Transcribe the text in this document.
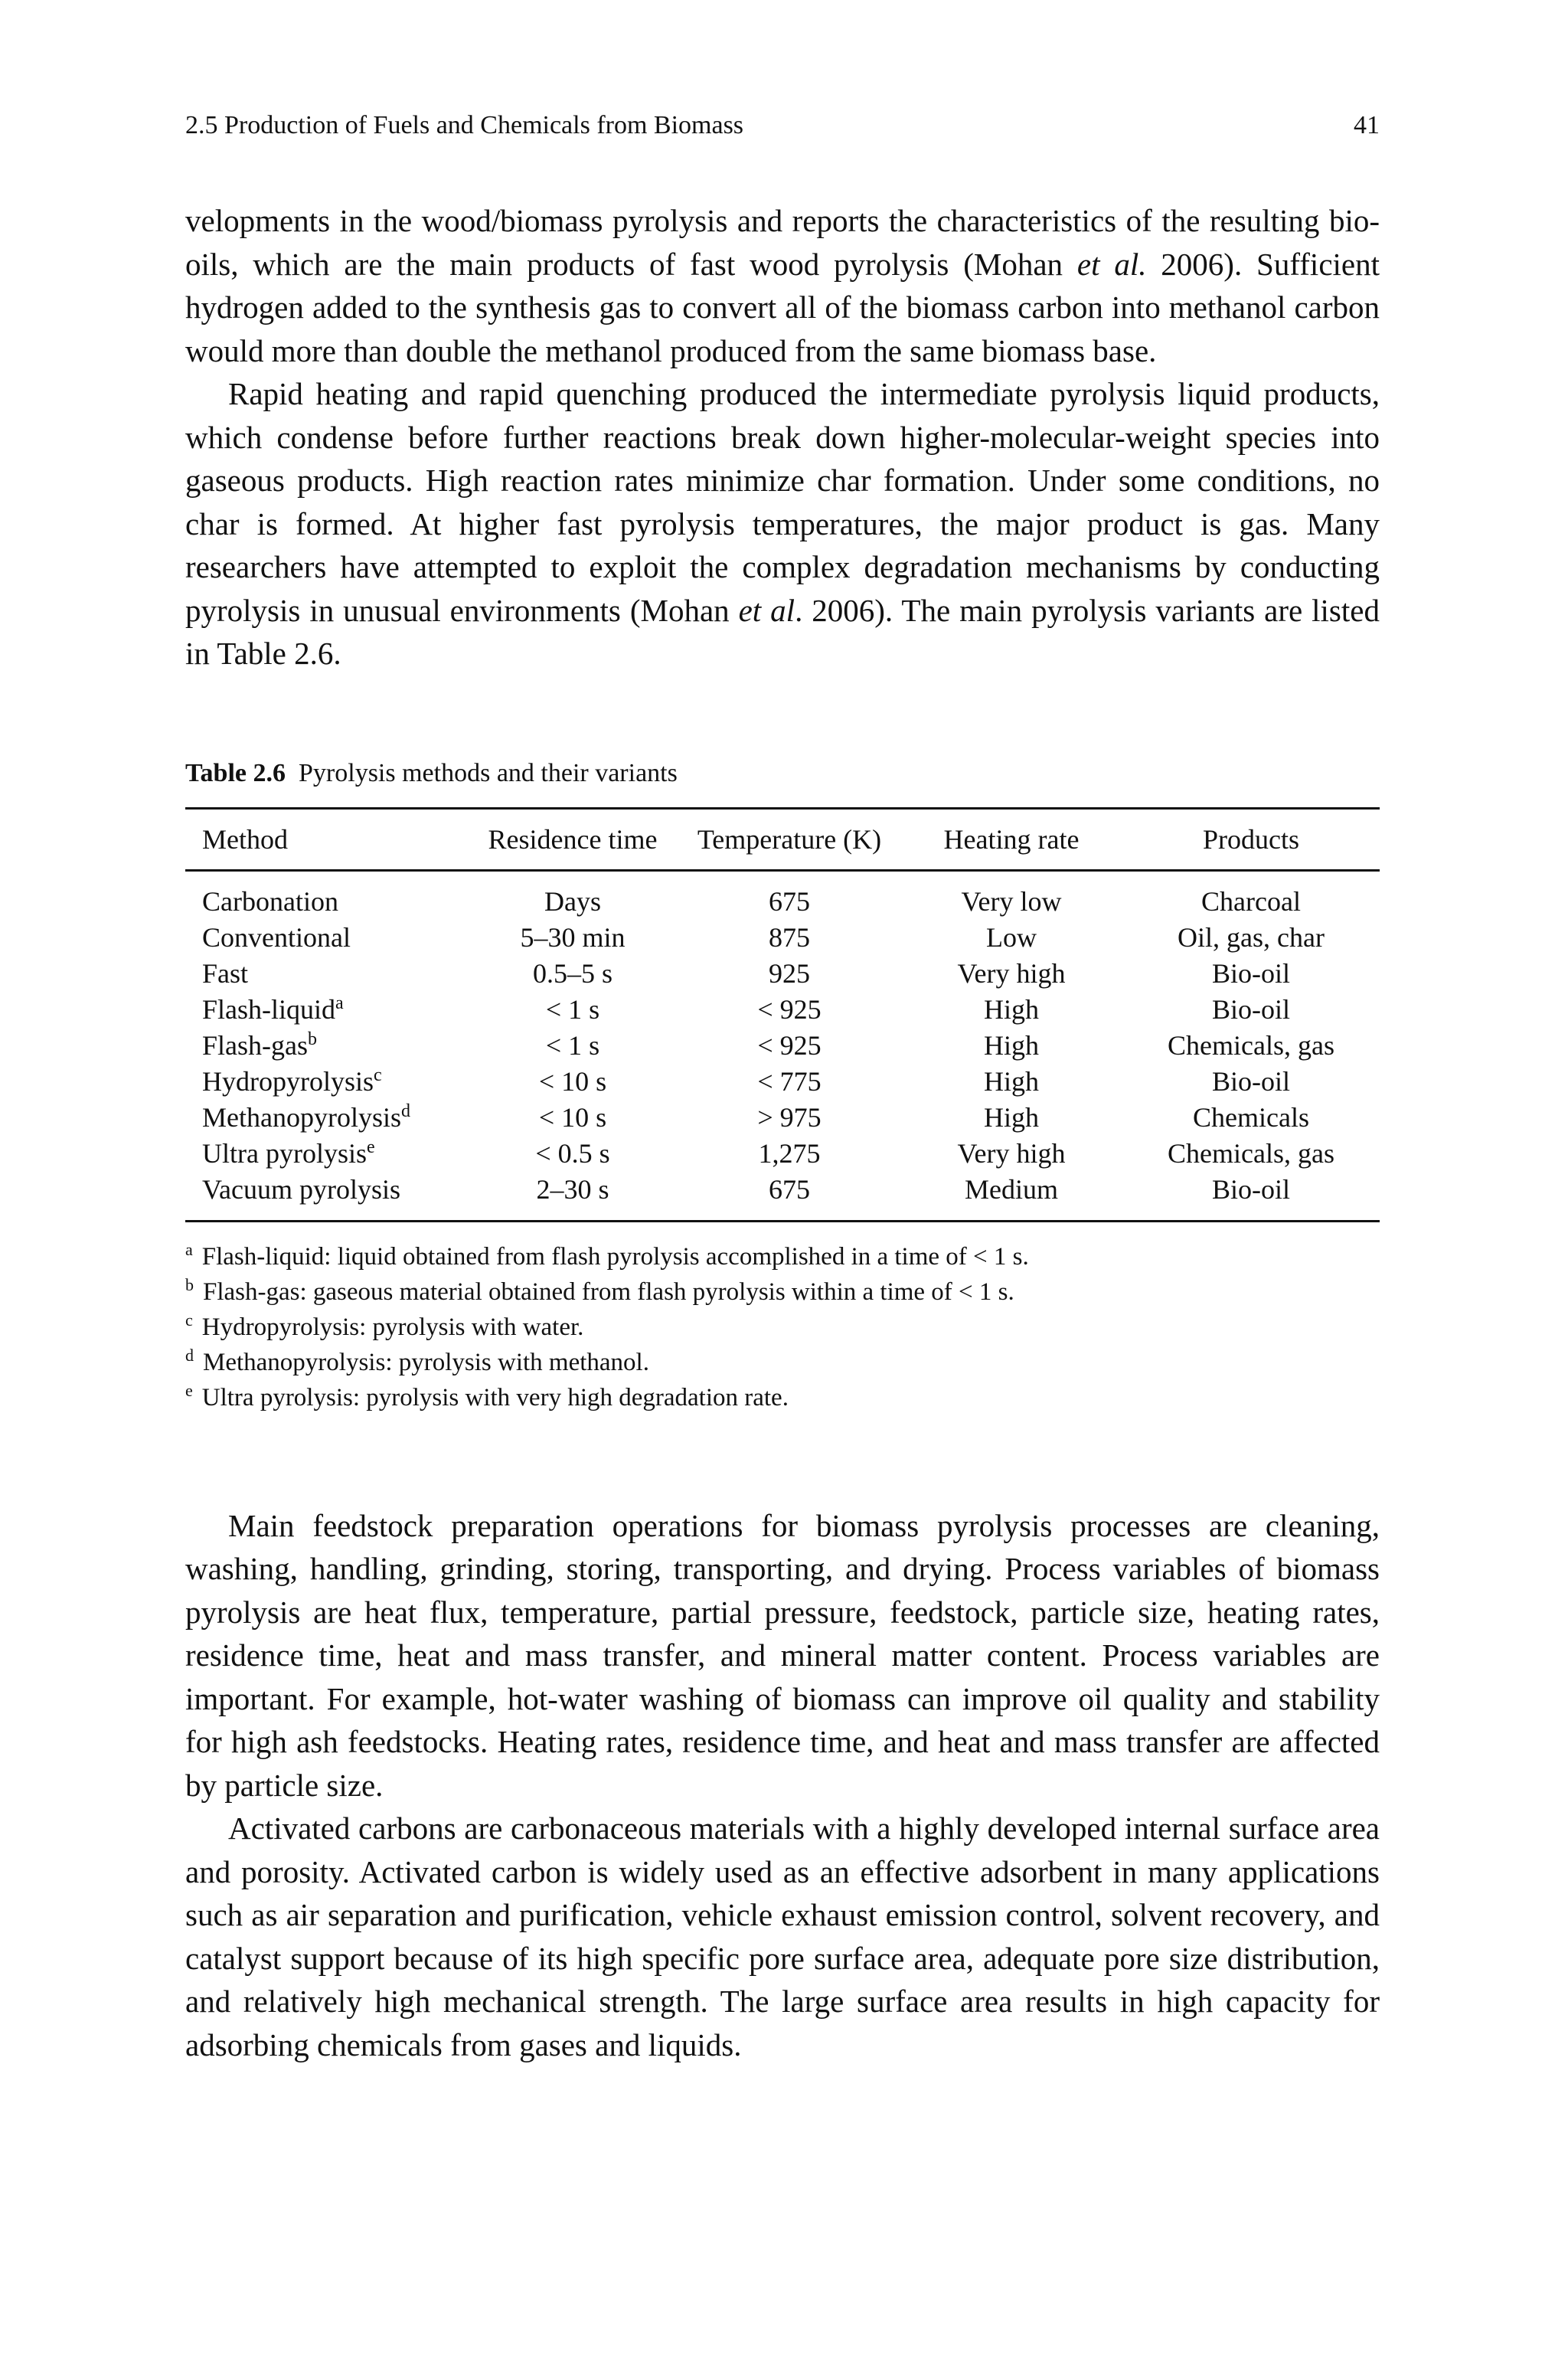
2.5 Production of Fuels and Chemicals from Biomass	41

velopments in the wood/biomass pyrolysis and reports the characteristics of the resulting bio-oils, which are the main products of fast wood pyrolysis (Mohan et al. 2006). Sufficient hydrogen added to the synthesis gas to convert all of the biomass carbon into methanol carbon would more than double the methanol produced from the same biomass base.

Rapid heating and rapid quenching produced the intermediate pyrolysis liquid products, which condense before further reactions break down higher-molecular-weight species into gaseous products. High reaction rates minimize char formation. Under some conditions, no char is formed. At higher fast pyrolysis temperatures, the major product is gas. Many researchers have attempted to exploit the complex degradation mechanisms by conducting pyrolysis in unusual environments (Mohan et al. 2006). The main pyrolysis variants are listed in Table 2.6.

Table 2.6 Pyrolysis methods and their variants
Method	Residence time	Temperature (K)	Heating rate	Products
Carbonation	Days	675	Very low	Charcoal
Conventional	5–30 min	875	Low	Oil, gas, char
Fast	0.5–5 s	925	Very high	Bio-oil
Flash-liquid$^a$	< 1 s	< 925	High	Bio-oil
Flash-gas$^b$	< 1 s	< 925	High	Chemicals, gas
Hydropyrolysis$^c$	< 10 s	< 775	High	Bio-oil
Methanopyrolysis$^d$	< 10 s	> 975	High	Chemicals
Ultra pyrolysis$^e$	< 0.5 s	1,275	Very high	Chemicals, gas
Vacuum pyrolysis	2–30 s	675	Medium	Bio-oil

$^a$ Flash-liquid: liquid obtained from flash pyrolysis accomplished in a time of < 1 s.

$^b$ Flash-gas: gaseous material obtained from flash pyrolysis within a time of < 1 s.

$^c$ Hydropyrolysis: pyrolysis with water.

$^d$ Methanopyrolysis: pyrolysis with methanol.

$^e$ Ultra pyrolysis: pyrolysis with very high degradation rate.

Main feedstock preparation operations for biomass pyrolysis processes are cleaning, washing, handling, grinding, storing, transporting, and drying. Process variables of biomass pyrolysis are heat flux, temperature, partial pressure, feedstock, particle size, heating rates, residence time, heat and mass transfer, and mineral matter content. Process variables are important. For example, hot-water washing of biomass can improve oil quality and stability for high ash feedstocks. Heating rates, residence time, and heat and mass transfer are affected by particle size.

Activated carbons are carbonaceous materials with a highly developed internal surface area and porosity. Activated carbon is widely used as an effective adsorbent in many applications such as air separation and purification, vehicle exhaust emission control, solvent recovery, and catalyst support because of its high specific pore surface area, adequate pore size distribution, and relatively high mechanical strength. The large surface area results in high capacity for adsorbing chemicals from gases and liquids.
